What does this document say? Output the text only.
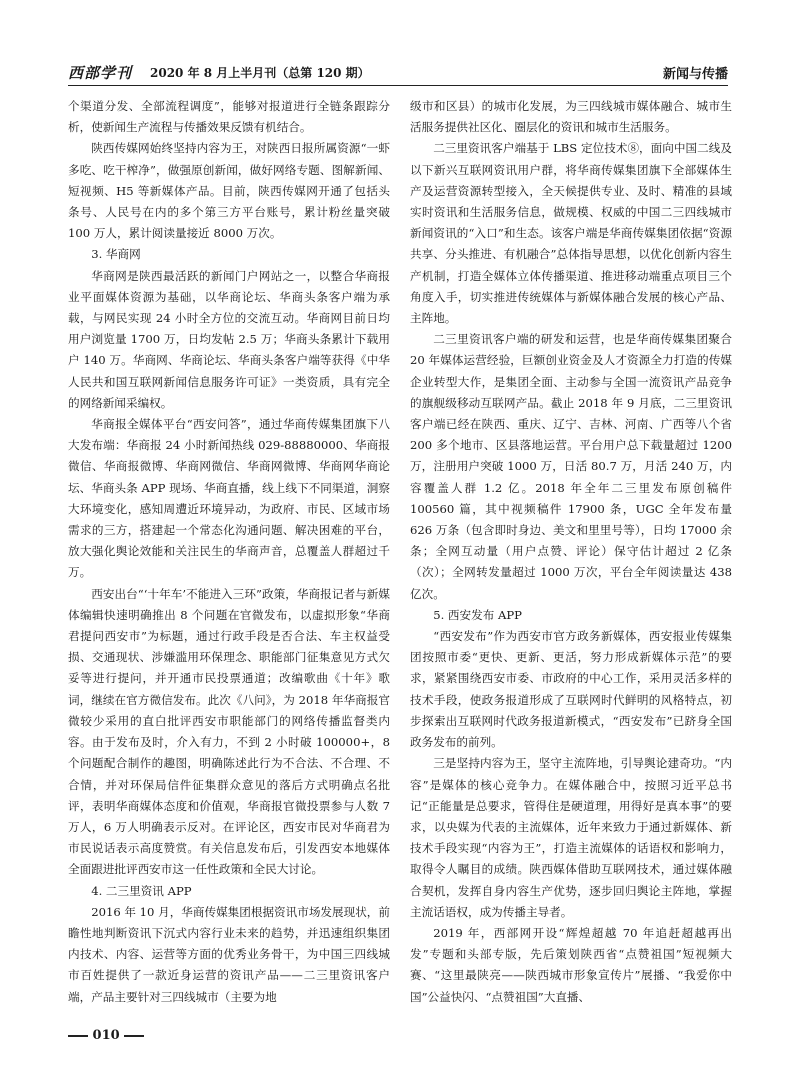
西部学刊 2020 年 8 月上半月刊（总第 120 期）	新闻与传播

个渠道分发、全部流程调度”，能够对报道进行全链条跟踪分析，使新闻生产流程与传播效果反馈有机结合。

陕西传媒网始终坚持内容为王，对陕西日报所属资源“一虾多吃、吃干榨净”，做强原创新闻，做好网络专题、图解新闻、短视频、H5 等新媒体产品。目前，陕西传媒网开通了包括头条号、人民号在内的多个第三方平台账号，累计粉丝量突破 100 万人，累计阅读量接近 8000 万次。

3. 华商网

华商网是陕西最活跃的新闻门户网站之一，以整合华商报业平面媒体资源为基础，以华商论坛、华商头条客户端为承载，与网民实现 24 小时全方位的交流互动。华商网目前日均用户浏览量 1700 万，日均发帖 2.5 万；华商头条累计下载用户 140 万。华商网、华商论坛、华商头条客户端等获得《中华人民共和国互联网新闻信息服务许可证》一类资质，具有完全的网络新闻采编权。

华商报全媒体平台“西安问答”，通过华商传媒集团旗下八大发布端：华商报 24 小时新闻热线 029-88880000、华商报微信、华商报微博、华商网微信、华商网微博、华商网华商论坛、华商头条 APP 现场、华商直播，线上线下不同渠道，洞察大环境变化，感知周遭近环境异动，为政府、市民、区域市场需求的三方，搭建起一个常态化沟通问题、解决困难的平台，放大强化舆论效能和关注民生的华商声音，总覆盖人群超过千万。

西安出台“‘十年车’不能进入三环”政策，华商报记者与新媒体编辑快速明确推出 8 个问题在官微发布，以虚拟形象“华商君提问西安市”为标题，通过行政手段是否合法、车主权益受损、交通现状、涉嫌滥用环保理念、职能部门征集意见方式欠妥等进行提问，并开通市民投票通道；改编歌曲《十年》歌词，继续在官方微信发布。此次《八问》，为 2018 年华商报官微较少采用的直白批评西安市职能部门的网络传播监督类内容。由于发布及时，介入有力，不到 2 小时破 100000+，8 个问题配合制作的趣图，明确陈述此行为不合法、不合理、不合情，并对环保局信件征集群众意见的落后方式明确点名批评，表明华商媒体态度和价值观，华商报官微投票参与人数 7 万人，6 万人明确表示反对。在评论区，西安市民对华商君为市民说话表示高度赞赏。有关信息发布后，引发西安本地媒体全面跟进批评西安市这一任性政策和全民大讨论。

4. 二三里资讯 APP

2016 年 10 月，华商传媒集团根据资讯市场发展现状，前瞻性地判断资讯下沉式内容行业未来的趋势，并迅速组织集团内技术、内容、运营等方面的优秀业务骨干，为中国三四线城市百姓提供了一款近身运营的资讯产品——二三里资讯客户端，产品主要针对三四线城市（主要为地

级市和区县）的城市化发展，为三四线城市媒体融合、城市生活服务提供社区化、圈层化的资讯和城市生活服务。

二三里资讯客户端基于 LBS 定位技术⑧，面向中国二线及以下新兴互联网资讯用户群，将华商传媒集团旗下全部媒体生产及运营资源转型接入，全天候提供专业、及时、精准的县域实时资讯和生活服务信息，做规模、权威的中国二三四线城市新闻资讯的“入口”和生态。该客户端是华商传媒集团依据“资源共享、分头推进、有机融合”总体指导思想，以优化创新内容生产机制，打造全媒体立体传播渠道、推进移动端重点项目三个角度入手，切实推进传统媒体与新媒体融合发展的核心产品、主阵地。

二三里资讯客户端的研发和运营，也是华商传媒集团聚合 20 年媒体运营经验，巨额创业资金及人才资源全力打造的传媒企业转型大作，是集团全面、主动参与全国一流资讯产品竞争的旗舰级移动互联网产品。截止 2018 年 9 月底，二三里资讯客户端已经在陕西、重庆、辽宁、吉林、河南、广西等八个省 200 多个地市、区县落地运营。平台用户总下载量超过 1200 万，注册用户突破 1000 万，日活 80.7 万，月活 240 万，内容覆盖人群 1.2 亿。2018 年全年二三里发布原创稿件 100560 篇，其中视频稿件 17900 条，UGC 全年发布量 626 万条（包含即时身边、美文和里里号等），日均 17000 余条；全网互动量（用户点赞、评论）保守估计超过 2 亿条（次）；全网转发量超过 1000 万次，平台全年阅读量达 438 亿次。

5. 西安发布 APP

“西安发布”作为西安市官方政务新媒体，西安报业传媒集团按照市委“更快、更新、更活，努力形成新媒体示范”的要求，紧紧围绕西安市委、市政府的中心工作，采用灵活多样的技术手段，使政务报道形成了互联网时代鲜明的风格特点，初步探索出互联网时代政务报道新模式，“西安发布”已跻身全国政务发布的前列。

三是坚持内容为王，坚守主流阵地，引导舆论建奇功。“内容”是媒体的核心竞争力。在媒体融合中，按照习近平总书记“正能量是总要求，管得住是硬道理，用得好是真本事”的要求，以央媒为代表的主流媒体，近年来致力于通过新媒体、新技术手段实现“内容为王”，打造主流媒体的话语权和影响力，取得令人瞩目的成绩。陕西媒体借助互联网技术，通过媒体融合契机，发挥自身内容生产优势，逐步回归舆论主阵地，掌握主流话语权，成为传播主导者。

2019 年，西部网开设“辉煌超越 70 年追赶超越再出发”专题和头部专版，先后策划陕西省“点赞祖国”短视频大赛、“这里最陕亮——陕西城市形象宣传片”展播、“我爱你中国”公益快闪、“点赞祖国”大直播、

010
